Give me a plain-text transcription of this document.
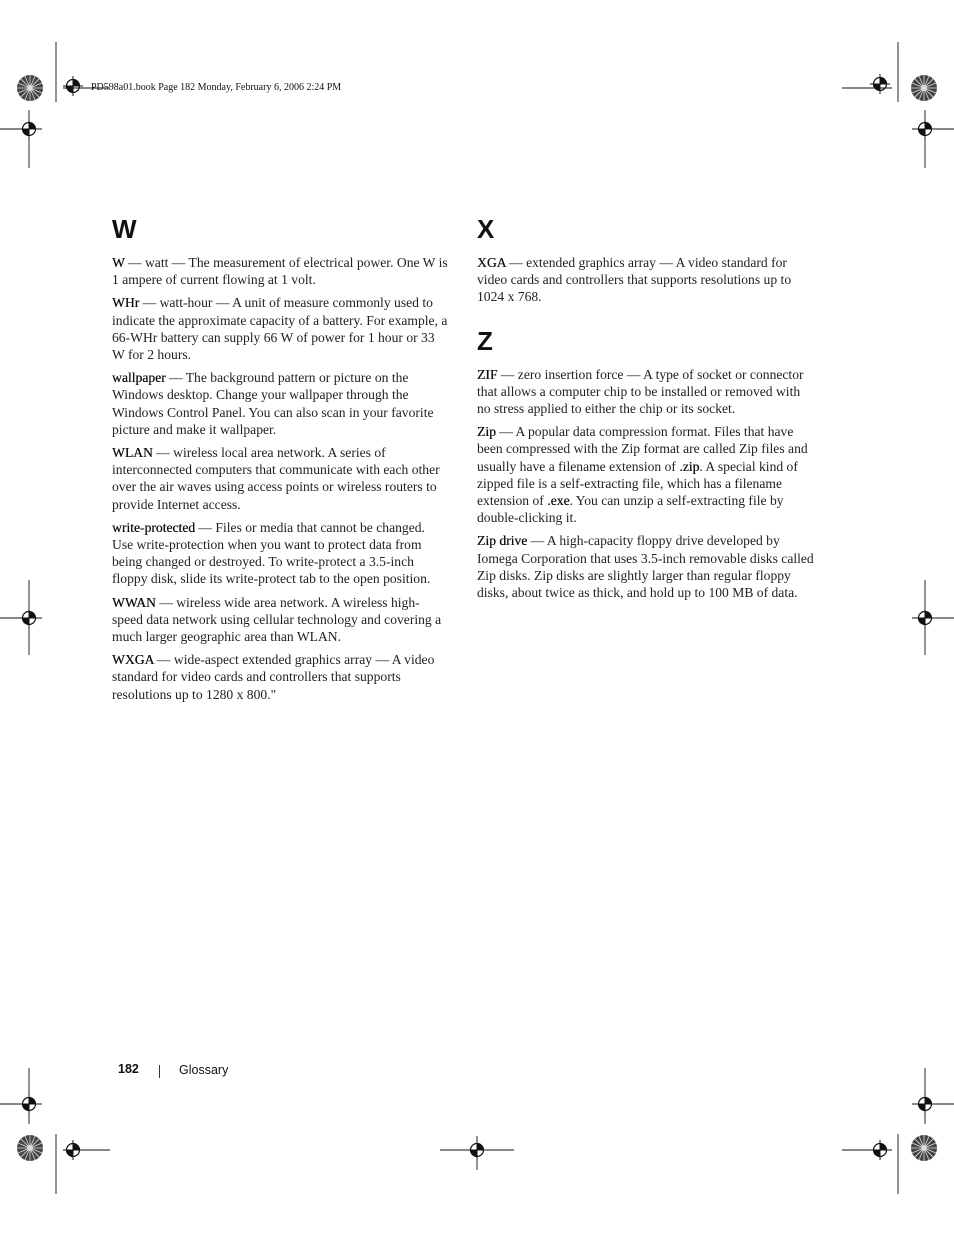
PD598a01.book Page 182 Monday, February 6, 2006 2:24 PM
W

W — watt — The measurement of electrical power. One W is 1 ampere of current flowing at 1 volt.

WHr — watt-hour — A unit of measure commonly used to indicate the approximate capacity of a battery. For example, a 66-WHr battery can supply 66 W of power for 1 hour or 33 W for 2 hours.

wallpaper — The background pattern or picture on the Windows desktop. Change your wallpaper through the Windows Control Panel. You can also scan in your favorite picture and make it wallpaper.

WLAN — wireless local area network. A series of interconnected computers that communicate with each other over the air waves using access points or wireless routers to provide Internet access.

write-protected — Files or media that cannot be changed. Use write-protection when you want to protect data from being changed or destroyed. To write-protect a 3.5-inch floppy disk, slide its write-protect tab to the open position.

WWAN — wireless wide area network. A wireless high-speed data network using cellular technology and covering a much larger geographic area than WLAN.

WXGA — wide-aspect extended graphics array — A video standard for video cards and controllers that supports resolutions up to 1280 x 800."

X

XGA — extended graphics array — A video standard for video cards and controllers that supports resolutions up to 1024 x 768.

Z

ZIF — zero insertion force — A type of socket or connector that allows a computer chip to be installed or removed with no stress applied to either the chip or its socket.

Zip — A popular data compression format. Files that have been compressed with the Zip format are called Zip files and usually have a filename extension of .zip. A special kind of zipped file is a self-extracting file, which has a filename extension of .exe. You can unzip a self-extracting file by double-clicking it.

Zip drive — A high-capacity floppy drive developed by Iomega Corporation that uses 3.5-inch removable disks called Zip disks. Zip disks are slightly larger than regular floppy disks, about twice as thick, and hold up to 100 MB of data.

182	Glossary
